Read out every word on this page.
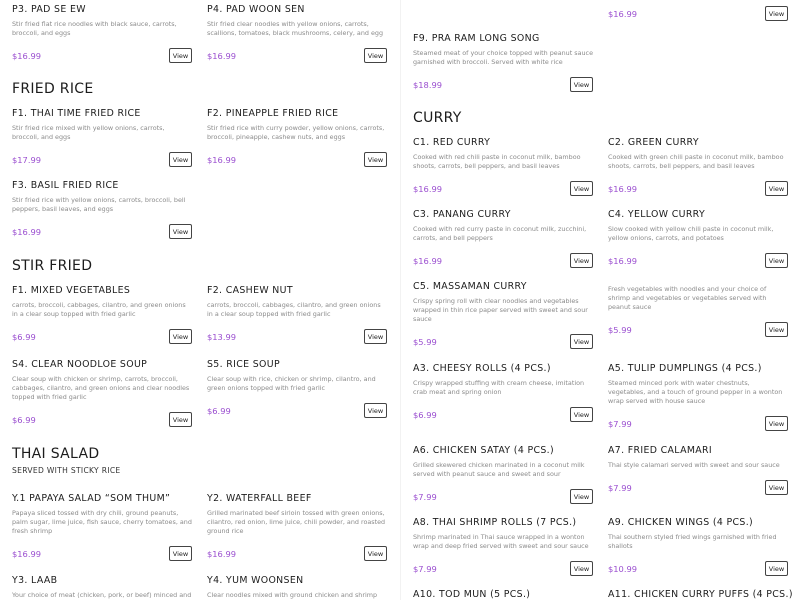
FRIED RICE
STIR FRIED
THAI SALAD
SERVED WITH STICKY RICE
CURRY
P3. PAD SE EW
Stir fried flat rice noodles with black sauce, carrots, broccoli, and eggs
$16.99	View
P4. PAD WOON SEN
Stir fried clear noodles with yellow onions, carrots, scallions, tomatoes, black mushrooms, celery, and egg
$16.99	View
F1. THAI TIME FRIED RICE
Stir fried rice mixed with yellow onions, carrots, broccoli, and eggs
$17.99	View
F2. PINEAPPLE FRIED RICE
Stir fried rice with curry powder, yellow onions, carrots, broccoli, pineapple, cashew nuts, and eggs
$16.99	View
F3. BASIL FRIED RICE
Stir fried rice with yellow onions, carrots, broccoli, bell peppers, basil leaves, and eggs
$16.99	View
F1. MIXED VEGETABLES
carrots, broccoli, cabbages, cilantro, and green onions in a clear soup topped with fried garlic
$6.99	View
F2. CASHEW NUT
carrots, broccoli, cabbages, cilantro, and green onions in a clear soup topped with fried garlic
$13.99	View
S4. CLEAR NOODLOE SOUP
Clear soup with chicken or shrimp, carrots, broccoli, cabbages, cilantro, and green onions and clear noodles topped with fried garlic
$6.99	View
S5. RICE SOUP
Clear soup with rice, chicken or shrimp, cilantro, and green onions topped with fried garlic
$6.99	View
Y.1 PAPAYA SALAD “SOM THUM”
Papaya sliced tossed with dry chili, ground peanuts, palm sugar, lime juice, fish sauce, cherry tomatoes, and fresh shrimp
$16.99	View
Y2. WATERFALL BEEF
Grilled marinated beef sirloin tossed with green onions, cilantro, red onion, lime juice, chili powder, and roasted ground rice
$16.99	View
Y3. LAAB
Your choice of meat (chicken, pork, or beef) minced and
Y4. YUM WOONSEN
Clear noodles mixed with ground chicken and shrimp
$16.99	View
F9. PRA RAM LONG SONG
Steamed meat of your choice topped with peanut sauce garnished with broccoli. Served with white rice
$18.99	View
C1. RED CURRY
Cooked with red chili paste in coconut milk, bamboo shoots, carrots, bell peppers, and basil leaves
$16.99	View
C2. GREEN CURRY
Cooked with green chili paste in coconut milk, bamboo shoots, carrots, bell peppers, and basil leaves
$16.99	View
C3. PANANG CURRY
Cooked with red curry paste in coconut milk, zucchini, carrots, and bell peppers
$16.99	View
C4. YELLOW CURRY
Slow cooked with yellow chili paste in coconut milk, yellow onions, carrots, and potatoes
$16.99	View
C5. MASSAMAN CURRY
Crispy spring roll with clear noodles and vegetables wrapped in thin rice paper served with sweet and sour sauce
$5.99	View
Fresh vegetables with noodles and your choice of shrimp and vegetables or vegetables served with peanut sauce
$5.99	View
A3. CHEESY ROLLS (4 PCS.)
Crispy wrapped stuffing with cream cheese, imitation crab meat and spring onion
$6.99	View
A5. TULIP DUMPLINGS (4 PCS.)
Steamed minced pork with water chestnuts, vegetables, and a touch of ground pepper in a wonton wrap served with house sauce
$7.99	View
A6. CHICKEN SATAY (4 PCS.)
Grilled skewered chicken marinated in a coconut milk served with peanut sauce and sweet and sour
$7.99	View
A7. FRIED CALAMARI
Thai style calamari served with sweet and sour sauce
$7.99	View
A8. THAI SHRIMP ROLLS (7 PCS.)
Shrimp marinated in Thai sauce wrapped in a wonton wrap and deep fried served with sweet and sour sauce
$7.99	View
A9. CHICKEN WINGS (4 PCS.)
Thai southern styled fried wings garnished with fried shallots
$10.99	View
A10. TOD MUN (5 PCS.)	A11. CHICKEN CURRY PUFFS (4 PCS.)
